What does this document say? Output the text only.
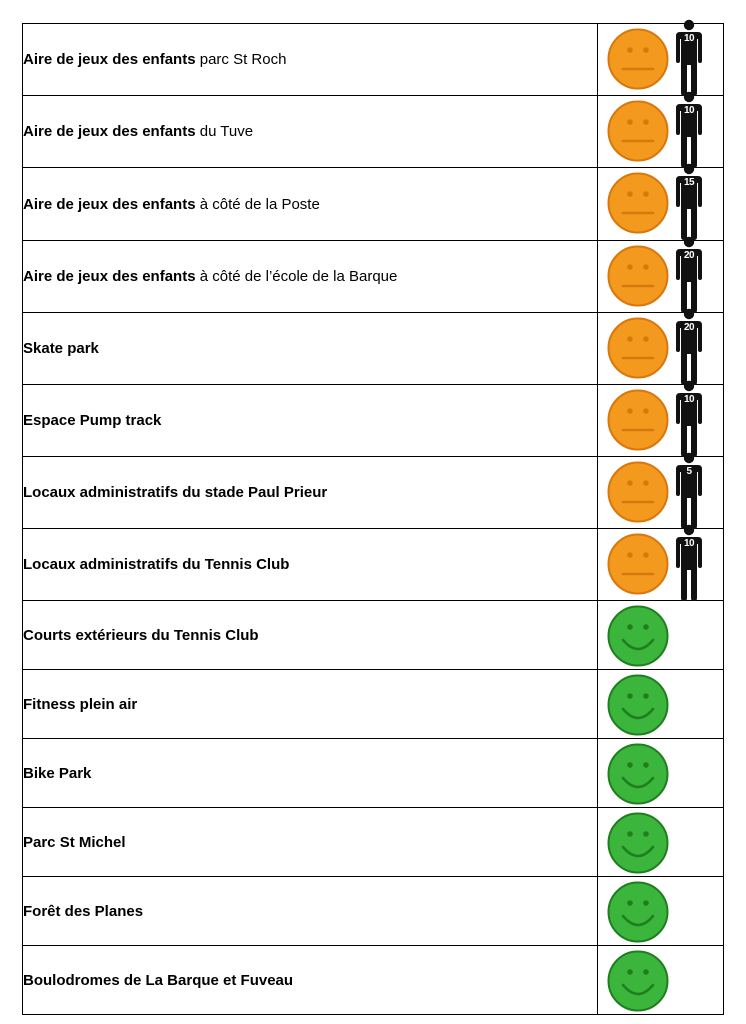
Aire de jeux des enfants parc St Roch	10

Aire de jeux des enfants du Tuve	10

Aire de jeux des enfants à côté de la Poste	15

Aire de jeux des enfants à côté de l’école de la Barque	20

Skate park	20

Espace Pump track	10

Locaux administratifs du stade Paul Prieur	5

Locaux administratifs du Tennis Club	10

Courts extérieurs du Tennis Club	

Fitness plein air	

Bike Park	

Parc St Michel	

Forêt des Planes	

Boulodromes de La Barque et Fuveau	
